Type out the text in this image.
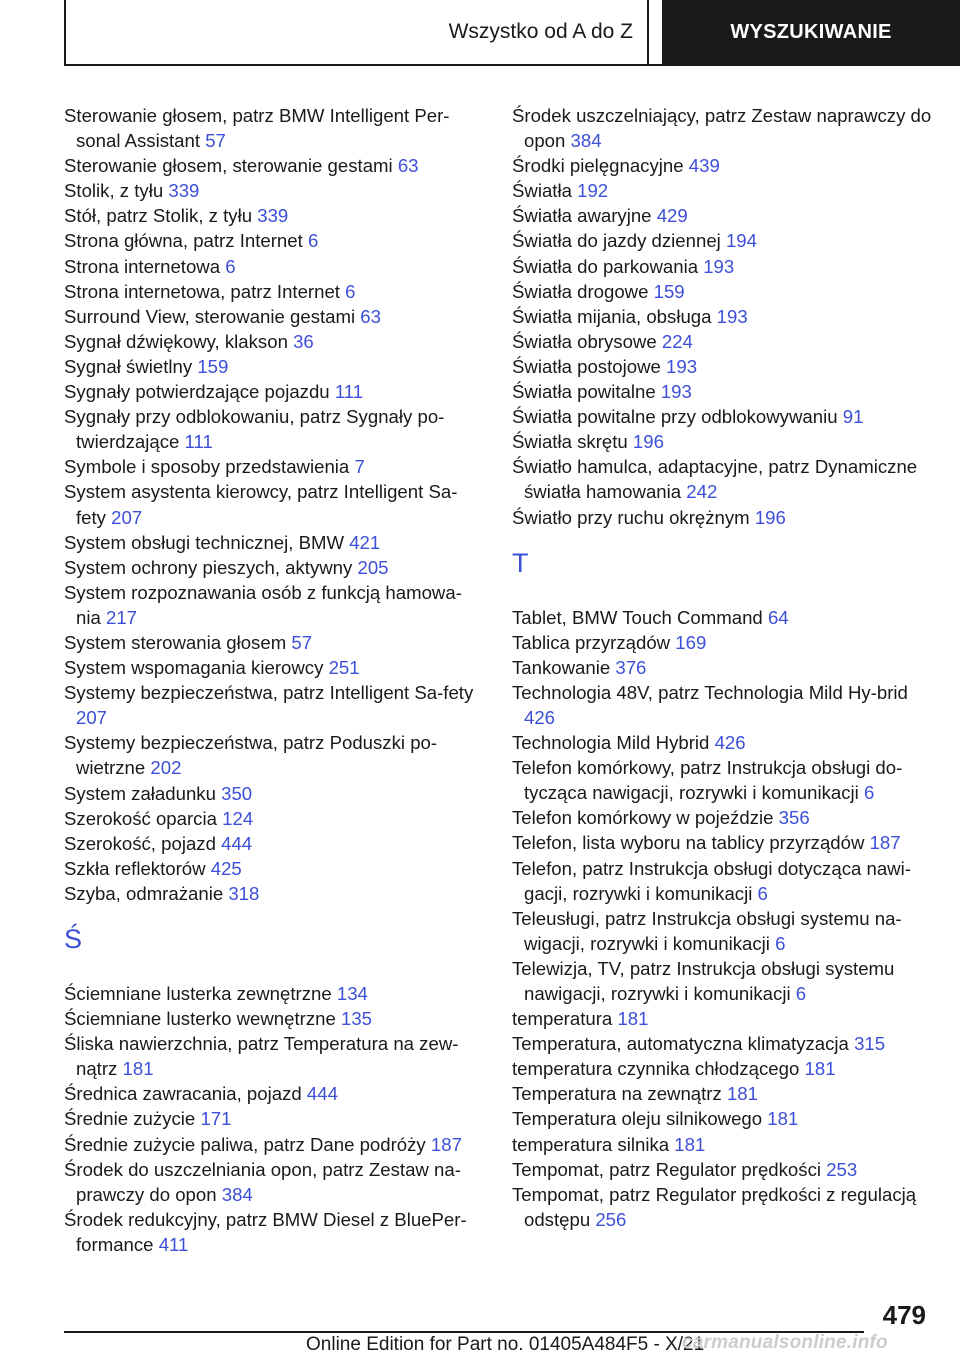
Wszystko od A do Z	WYSZUKIWANIE
Sterowanie głosem, patrz BMW Intelligent Per-sonal Assistant 57
Sterowanie głosem, sterowanie gestami 63
Stolik, z tyłu 339
Stół, patrz Stolik, z tyłu 339
Strona główna, patrz Internet 6
Strona internetowa 6
Strona internetowa, patrz Internet 6
Surround View, sterowanie gestami 63
Sygnał dźwiękowy, klakson 36
Sygnał świetlny 159
Sygnały potwierdzające pojazdu 111
Sygnały przy odblokowaniu, patrz Sygnały po-twierdzające 111
Symbole i sposoby przedstawienia 7
System asystenta kierowcy, patrz Intelligent Sa-fety 207
System obsługi technicznej, BMW 421
System ochrony pieszych, aktywny 205
System rozpoznawania osób z funkcją hamowa-nia 217
System sterowania głosem 57
System wspomagania kierowcy 251
Systemy bezpieczeństwa, patrz Intelligent Sa-fety 207
Systemy bezpieczeństwa, patrz Poduszki po-wietrzne 202
System załadunku 350
Szerokość oparcia 124
Szerokość, pojazd 444
Szkła reflektorów 425
Szyba, odmrażanie 318
Ś
Ściemniane lusterka zewnętrzne 134
Ściemniane lusterko wewnętrzne 135
Śliska nawierzchnia, patrz Temperatura na zew-nątrz 181
Średnica zawracania, pojazd 444
Średnie zużycie 171
Średnie zużycie paliwa, patrz Dane podróży 187
Środek do uszczelniania opon, patrz Zestaw na-prawczy do opon 384
Środek redukcyjny, patrz BMW Diesel z BluePer-formance 411
Środek uszczelniający, patrz Zestaw naprawczy do opon 384
Środki pielęgnacyjne 439
Światła 192
Światła awaryjne 429
Światła do jazdy dziennej 194
Światła do parkowania 193
Światła drogowe 159
Światła mijania, obsługa 193
Światła obrysowe 224
Światła postojowe 193
Światła powitalne 193
Światła powitalne przy odblokowywaniu 91
Światła skrętu 196
Światło hamulca, adaptacyjne, patrz Dynamiczne światła hamowania 242
Światło przy ruchu okrężnym 196
T
Tablet, BMW Touch Command 64
Tablica przyrządów 169
Tankowanie 376
Technologia 48V, patrz Technologia Mild Hy-brid 426
Technologia Mild Hybrid 426
Telefon komórkowy, patrz Instrukcja obsługi do-tycząca nawigacji, rozrywki i komunikacji 6
Telefon komórkowy w pojeździe 356
Telefon, lista wyboru na tablicy przyrządów 187
Telefon, patrz Instrukcja obsługi dotycząca nawi-gacji, rozrywki i komunikacji 6
Teleusługi, patrz Instrukcja obsługi systemu na-wigacji, rozrywki i komunikacji 6
Telewizja, TV, patrz Instrukcja obsługi systemu nawigacji, rozrywki i komunikacji 6
temperatura 181
Temperatura, automatyczna klimatyzacja 315
temperatura czynnika chłodzącego 181
Temperatura na zewnątrz 181
Temperatura oleju silnikowego 181
temperatura silnika 181
Tempomat, patrz Regulator prędkości 253
Tempomat, patrz Regulator prędkości z regulacją odstępu 256
479
Online Edition for Part no. 01405A484F5 - X/21
carmanualsonline.info
